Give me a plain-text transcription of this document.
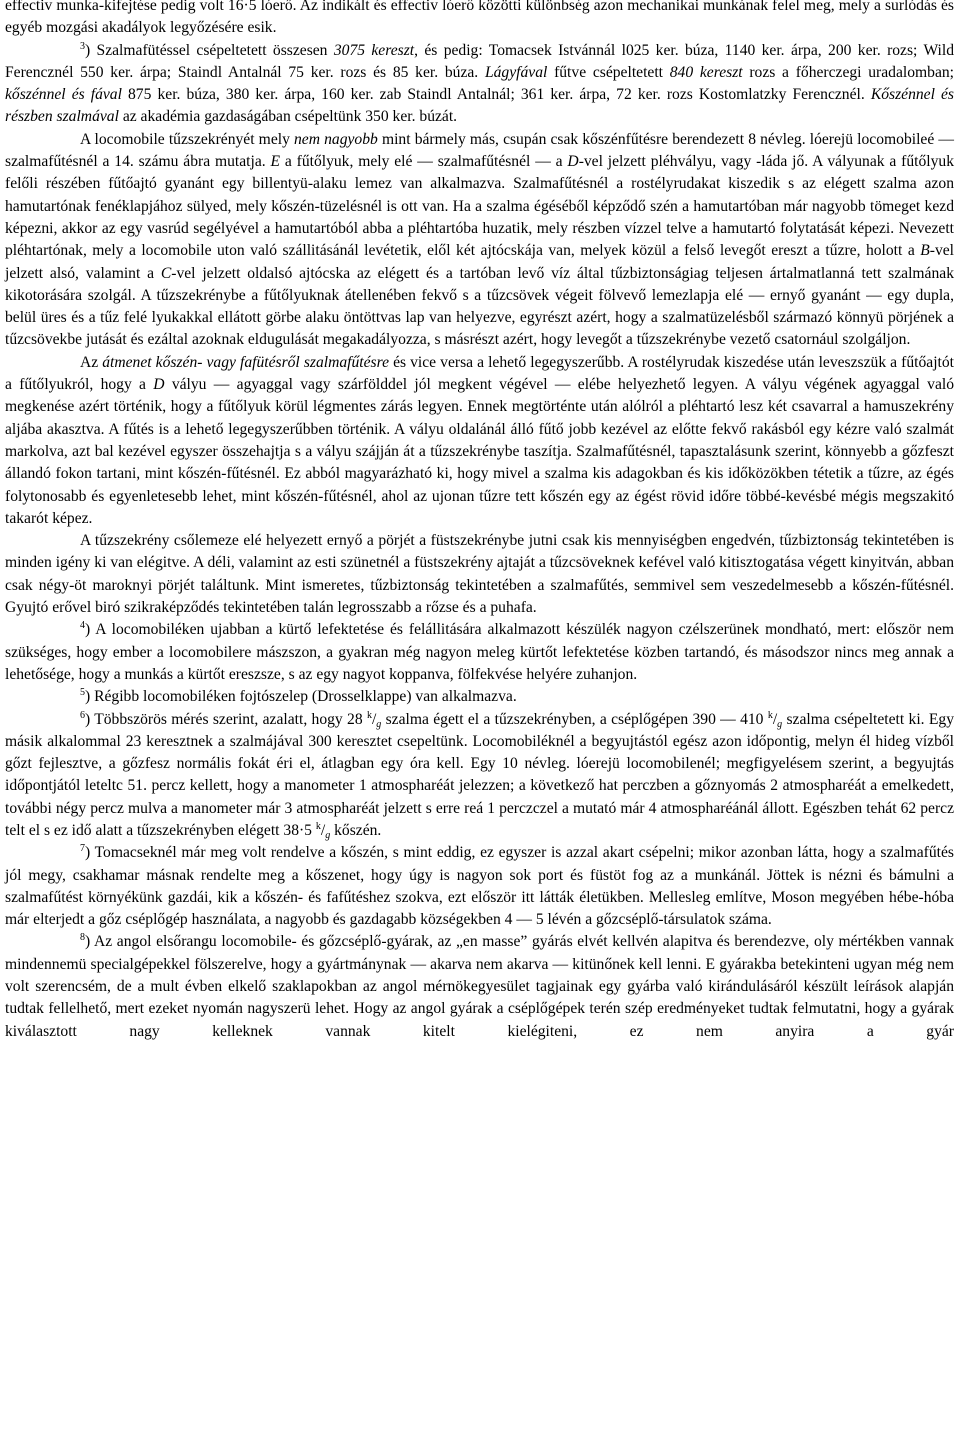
effectiv munka-kifejtése pedig volt 16·5 lóerő. Az indikált és effectiv lóerő közötti különbség azon mechanikai munkának felel meg, mely a surlódás és egyéb mozgási akadályok legyőzésére esik.

$^3$) Szalmafütéssel csépeltetett összesen 3075 kereszt, és pedig: Tomacsek Istvánnál l025 ker. búza, 1140 ker. árpa, 200 ker. rozs; Wild Ferencznél 550 ker. árpa; Staindl Antalnál 75 ker. rozs és 85 ker. búza. Lágyfával fűtve csépeltetett 840 kereszt rozs a főherczegi uradalomban; kőszénnel és fával 875 ker. búza, 380 ker. árpa, 160 ker. zab Staindl Antalnál; 361 ker. árpa, 72 ker. rozs Kostomlatzky Ferencznél. Kőszénnel és részben szalmával az akadémia gazdaságában csépeltünk 350 ker. búzát.

A locomobile tűzszekrényét mely nem nagyobb mint bármely más, csupán csak kőszénfűtésre berendezett 8 névleg. lóerejü locomobileé — szalmafűtésnél a 14. számu ábra mutatja. E a fűtőlyuk, mely elé — szalmafűtésnél — a D-vel jelzett pléhvályu, vagy -láda jő. A vályunak a fűtőlyuk felőli részében fűtőajtó gyanánt egy billentyü-alaku lemez van alkalmazva. Szalmafűtésnél a rostélyrudakat kiszedik s az elégett szalma azon hamutartónak fenéklapjához sülyed, mely kőszén-tüzelésnél is ott van. Ha a szalma égéséből képződő szén a hamutartóban már nagyobb tömeget kezd képezni, akkor az egy vasrúd segélyével a hamutartóból abba a pléhtartóba huzatik, mely részben vízzel telve a hamutartó folytatását képezi. Nevezett pléhtartónak, mely a locomobile uton való szállitásánál levétetik, elől két ajtócskája van, melyek közül a felső levegőt ereszt a tűzre, holott a B-vel jelzett alsó, valamint a C-vel jelzett oldalsó ajtócska az elégett és a tartóban levő víz által tűzbiztonságiag teljesen ártalmatlanná tett szalmának kikotorására szolgál. A tűzszekrénybe a fűtőlyuknak átellenében fekvő s a tűzcsövek végeit fölvevő lemezlapja elé — ernyő gyanánt — egy dupla, belül üres és a tűz felé lyukakkal ellátott görbe alaku öntöttvas lap van helyezve, egyrészt azért, hogy a szalmatüzelésből származó könnyü pörjének a tűzcsövekbe jutását és ezáltal azoknak eldugulását megakadályozza, s másrészt azért, hogy levegőt a tűzszekrénybe vezető csatornául szolgáljon.

Az átmenet kőszén- vagy fafütésről szalmafűtésre és vice versa a lehető legegyszerűbb. A rostélyrudak kiszedése után leveszszük a fűtőajtót a fűtőlyukról, hogy a D vályu — agyaggal vagy szárfölddel jól megkent végével — elébe helyezhető legyen. A vályu végének agyaggal való megkenése azért történik, hogy a fűtőlyuk körül légmentes zárás legyen. Ennek megtörténte után alólról a pléhtartó lesz két csavarral a hamuszekrény aljába akasztva. A fűtés is a lehető legegyszerűbben történik. A vályu oldalánál álló fűtő jobb kezével az előtte fekvő rakásból egy kézre való szalmát markolva, azt bal kezével egyszer összehajtja s a vályu szájján át a tűzszekrénybe taszítja. Szalmafűtésnél, tapasztalásunk szerint, könnyebb a gőzfeszt állandó fokon tartani, mint kőszén-fűtésnél. Ez abból magyarázható ki, hogy mivel a szalma kis adagokban és kis időközökben tétetik a tűzre, az égés folytonosabb és egyenletesebb lehet, mint kőszén-fűtésnél, ahol az ujonan tűzre tett kőszén egy az égést rövid időre többé-kevésbé mégis megszakitó takarót képez.

A tűzszekrény csőlemeze elé helyezett ernyő a pörjét a füstszekrénybe jutni csak kis mennyiségben engedvén, tűzbiztonság tekintetében is minden igény ki van elégitve. A déli, valamint az esti szünetnél a füstszekrény ajtaját a tűzcsöveknek kefével való kitisztogatása végett kinyitván, abban csak négy-öt maroknyi pörjét találtunk. Mint ismeretes, tűzbiztonság tekintetében a szalmafűtés, semmivel sem veszedelmesebb a kőszén-fűtésnél. Gyujtó erővel biró szikraképződés tekintetében talán legrosszabb a rőzse és a puhafa.

$^4$) A locomobiléken ujabban a kürtő lefektetése és felállitására alkalmazott készülék nagyon czélszerünek mondható, mert: először nem szükséges, hogy ember a locomobilere mászszon, a gyakran még nagyon meleg kürtőt lefektetése közben tartandó, és másodszor nincs meg annak a lehetősége, hogy a munkás a kürtőt ereszsze, s az egy nagyot koppanva, fölfekvése helyére zuhanjon.

$^5$) Régibb locomobiléken fojtószelep (Drosselklappe) van alkalmazva.

$^6$) Többszörös mérés szerint, azalatt, hogy 28 $^k/_g$ szalma égett el a tűzszekrényben, a cséplőgépen 390 — 410 $^k/_g$ szalma csépeltetett ki. Egy másik alkalommal 23 keresztnek a szalmájával 300 keresztet csepeltünk. Locomobiléknél a begyujtástól egész azon időpontig, melyn él hideg vízből gőzt fejlesztve, a gőzfesz normális fokát éri el, átlagban egy óra kell. Egy 10 névleg. lóerejü locomobilenél; megfigyelésem szerint, a begyujtás időpontjától leteltc 51. percz kellett, hogy a manometer 1 atmospharéát jelezzen; a következő hat perczben a gőznyomás 2 atmospharéát a emelkedett, további négy percz mulva a manometer már 3 atmospharéát jelzett s erre reá 1 perczczel a mutató már 4 atmospharéánál állott. Egészben tehát 62 percz telt el s ez idő alatt a tűzszekrényben elégett 38·5 $^k/_g$ kőszén.

$^7$) Tomacseknél már meg volt rendelve a kőszén, s mint eddig, ez egyszer is azzal akart csépelni; mikor azonban látta, hogy a szalmafűtés jól megy, csakhamar másnak rendelte meg a kőszenet, hogy úgy is nagyon sok port és füstöt fog az a munkánál. Jöttek is nézni és bámulni a szalmafűtést környékünk gazdái, kik a kőszén- és fafűtéshez szokva, ezt először itt látták életükben. Mellesleg említve, Moson megyében hébe-hóba már elterjedt a gőz cséplőgép használata, a nagyobb és gazdagabb községekben 4 — 5 lévén a gőzcséplő-társulatok száma.

$^8$) Az angol elsőrangu locomobile- és gőzcséplő-gyárak, az „en masse” gyárás elvét kellvén alapitva és berendezve, oly mértékben vannak mindennemü specialgépekkel fölszerelve, hogy a gyártmánynak — akarva nem akarva — kitünőnek kell lenni. E gyárakba betekinteni ugyan még nem volt szerencsém, de a mult évben elkelő szaklapokban az angol mérnökegyesület tagjainak egy gyárba való kirándulásáról készült leírások alapján tudtak fellelhető, mert ezeket nyomán nagyszerü lehet. Hogy az angol gyárak a cséplőgépek terén szép eredményeket tudtak felmutatni, hogy a gyárak kiválasztott nagy kelleknek vannak kitelt kielégiteni, ez nem anyira a gyár
